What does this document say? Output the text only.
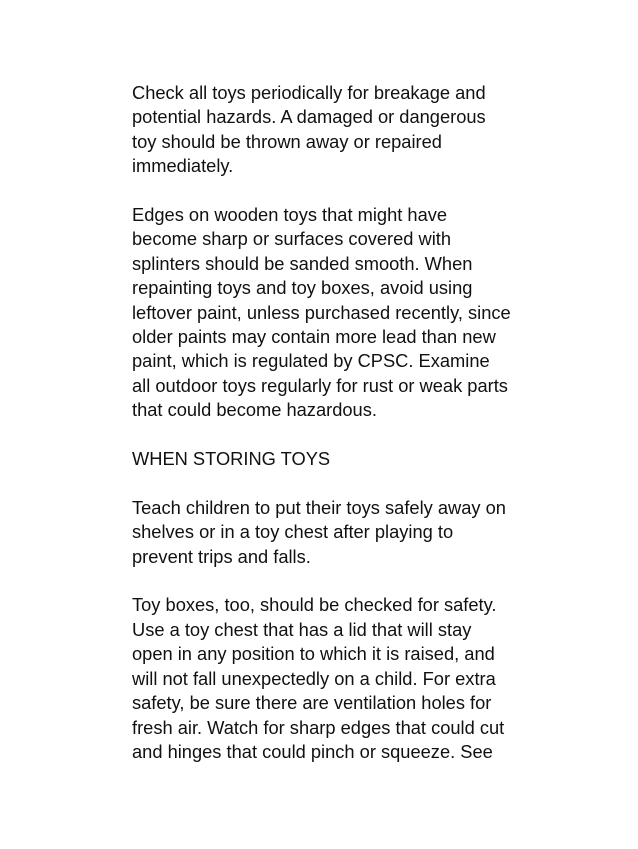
Check all toys periodically for breakage and
potential hazards. A damaged or dangerous
toy should be thrown away or repaired
immediately.

Edges on wooden toys that might have
become sharp or surfaces covered with
splinters should be sanded smooth. When
repainting toys and toy boxes, avoid using
leftover paint, unless purchased recently, since
older paints may contain more lead than new
paint, which is regulated by CPSC. Examine
all outdoor toys regularly for rust or weak parts
that could become hazardous.

WHEN STORING TOYS

Teach children to put their toys safely away on
shelves or in a toy chest after playing to
prevent trips and falls.

Toy boxes, too, should be checked for safety.
Use a toy chest that has a lid that will stay
open in any position to which it is raised, and
will not fall unexpectedly on a child. For extra
safety, be sure there are ventilation holes for
fresh air. Watch for sharp edges that could cut
and hinges that could pinch or squeeze. See
